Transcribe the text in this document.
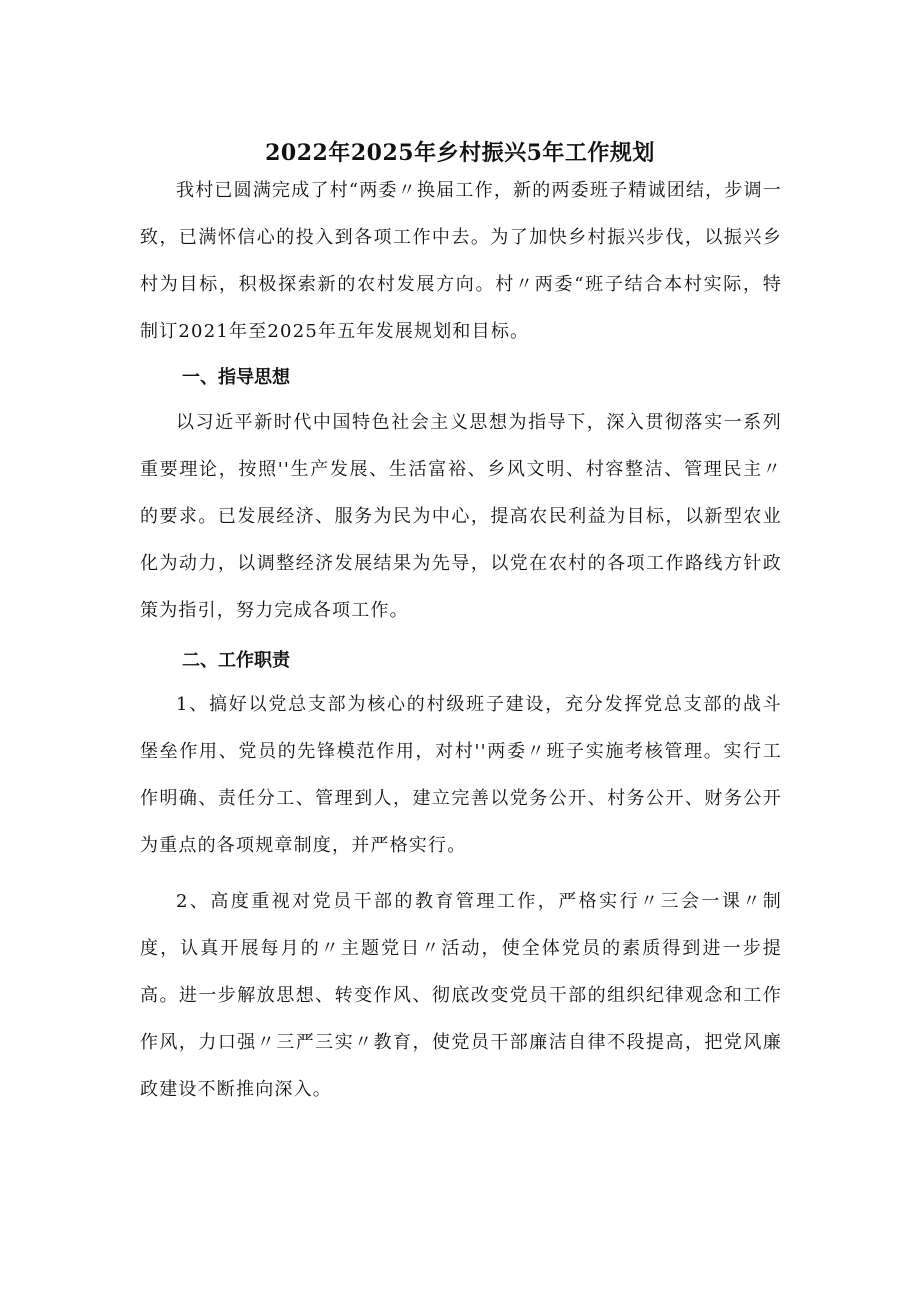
2022年2025年乡村振兴5年工作规划

我村已圆满完成了村“两委〃换届工作，新的两委班子精诚团结，步调一致，已满怀信心的投入到各项工作中去。为了加快乡村振兴步伐，以振兴乡村为目标，积极探索新的农村发展方向。村〃两委“班子结合本村实际，特制订2021年至2025年五年发展规划和目标。

一、指导思想

以习近平新时代中国特色社会主义思想为指导下，深入贯彻落实一系列重要理论，按照''生产发展、生活富裕、乡风文明、村容整洁、管理民主〃的要求。已发展经济、服务为民为中心，提高农民利益为目标，以新型农业化为动力，以调整经济发展结果为先导，以党在农村的各项工作路线方针政策为指引，努力完成各项工作。

二、工作职责

1、搞好以党总支部为核心的村级班子建设，充分发挥党总支部的战斗堡垒作用、党员的先锋模范作用，对村''两委〃班子实施考核管理。实行工作明确、责任分工、管理到人，建立完善以党务公开、村务公开、财务公开为重点的各项规章制度，并严格实行。

2、高度重视对党员干部的教育管理工作，严格实行〃三会一课〃制度，认真开展每月的〃主题党日〃活动，使全体党员的素质得到进一步提高。进一步解放思想、转变作风、彻底改变党员干部的组织纪律观念和工作作风，力口强〃三严三实〃教育，使党员干部廉洁自律不段提高，把党风廉政建设不断推向深入。
